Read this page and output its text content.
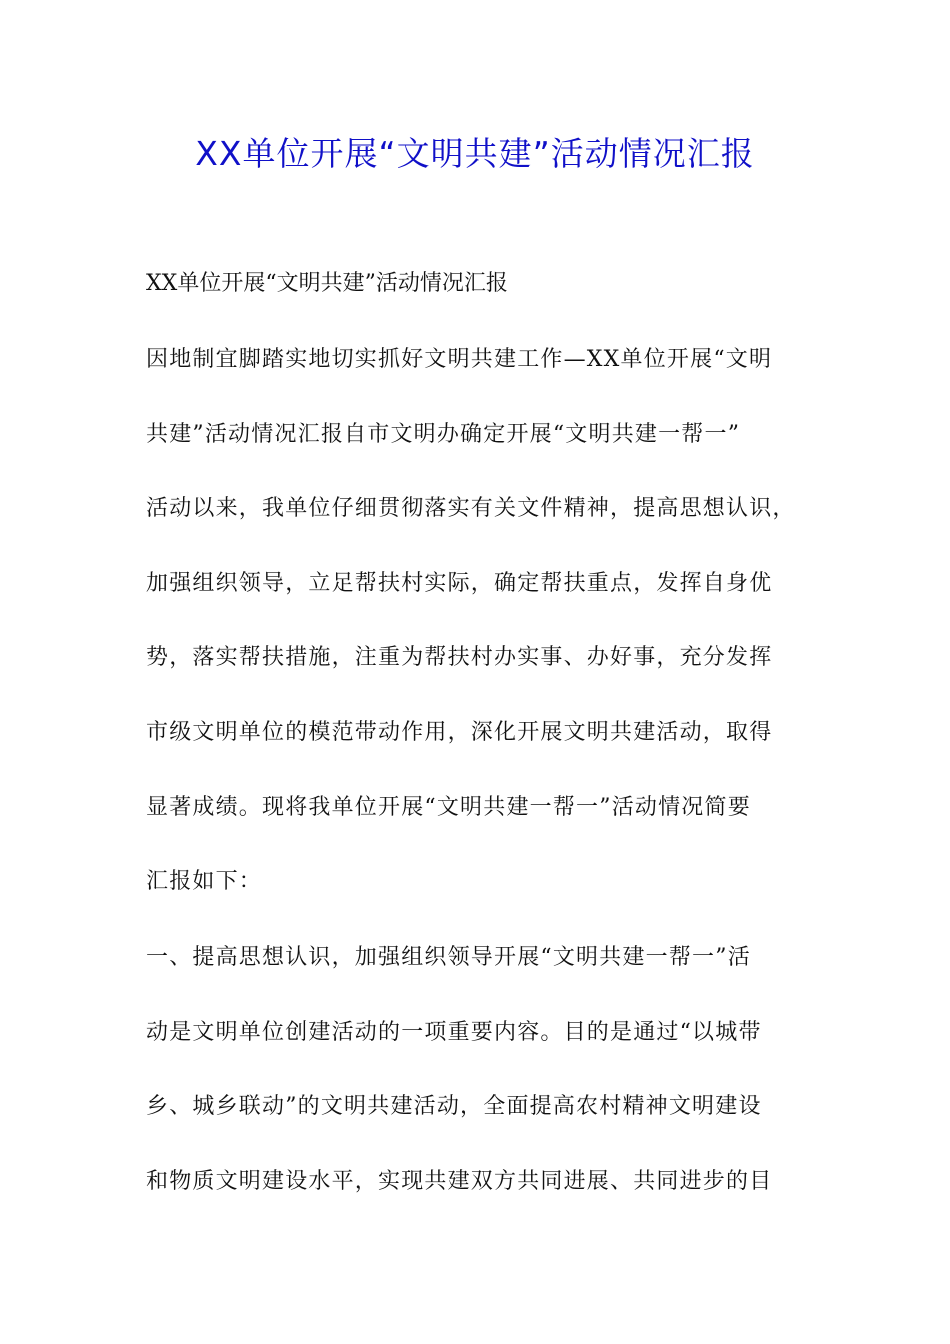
XX单位开展“文明共建”活动情况汇报

XX单位开展“文明共建”活动情况汇报

因地制宜脚踏实地切实抓好文明共建工作—XX单位开展“文明
共建”活动情况汇报自市文明办确定开展“文明共建一帮一”
活动以来，我单位仔细贯彻落实有关文件精神，提高思想认识，
加强组织领导，立足帮扶村实际，确定帮扶重点，发挥自身优
势，落实帮扶措施，注重为帮扶村办实事、办好事，充分发挥
市级文明单位的模范带动作用，深化开展文明共建活动，取得
显著成绩。现将我单位开展“文明共建一帮一”活动情况简要
汇报如下：
一、提高思想认识，加强组织领导开展“文明共建一帮一”活
动是文明单位创建活动的一项重要内容。目的是通过“以城带
乡、城乡联动”的文明共建活动，全面提高农村精神文明建设
和物质文明建设水平，实现共建双方共同进展、共同进步的目
